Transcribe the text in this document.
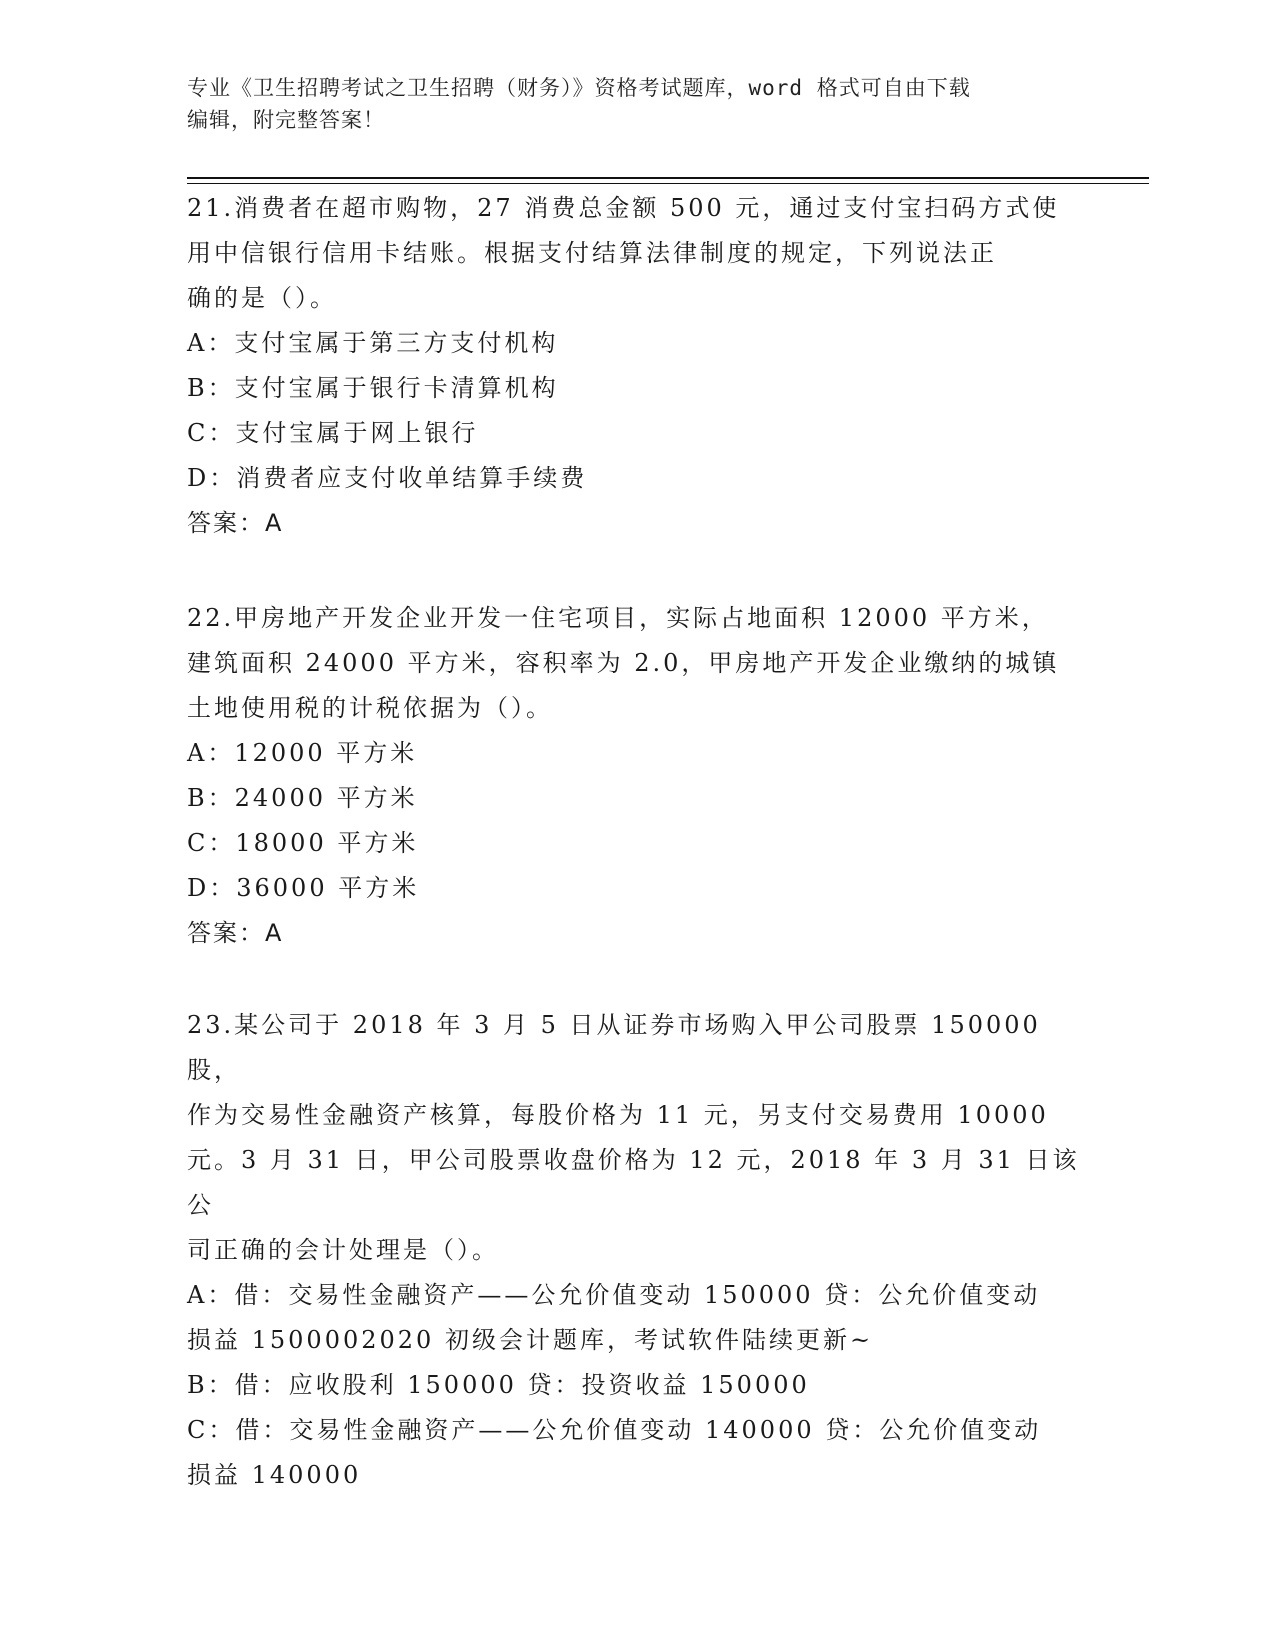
专业《卫生招聘考试之卫生招聘（财务）》资格考试题库，word 格式可自由下载
编辑，附完整答案！
21.消费者在超市购物，27 消费总金额 500 元，通过支付宝扫码方式使
用中信银行信用卡结账。根据支付结算法律制度的规定，下列说法正
确的是（）。
A：支付宝属于第三方支付机构
B：支付宝属于银行卡清算机构
C：支付宝属于网上银行
D：消费者应支付收单结算手续费
答案：A
22.甲房地产开发企业开发一住宅项目，实际占地面积 12000 平方米，
建筑面积 24000 平方米，容积率为 2.0，甲房地产开发企业缴纳的城镇
土地使用税的计税依据为（）。
A：12000 平方米
B：24000 平方米
C：18000 平方米
D：36000 平方米
答案：A
23.某公司于 2018 年 3 月 5 日从证券市场购入甲公司股票 150000 股，
作为交易性金融资产核算，每股价格为 11 元，另支付交易费用 10000
元。3 月 31 日，甲公司股票收盘价格为 12 元，2018 年 3 月 31 日该公
司正确的会计处理是（）。
A：借：交易性金融资产——公允价值变动 150000 贷：公允价值变动
损益 1500002020 初级会计题库，考试软件陆续更新~
B：借：应收股利 150000 贷：投资收益 150000
C：借：交易性金融资产——公允价值变动 140000 贷：公允价值变动
损益 140000
